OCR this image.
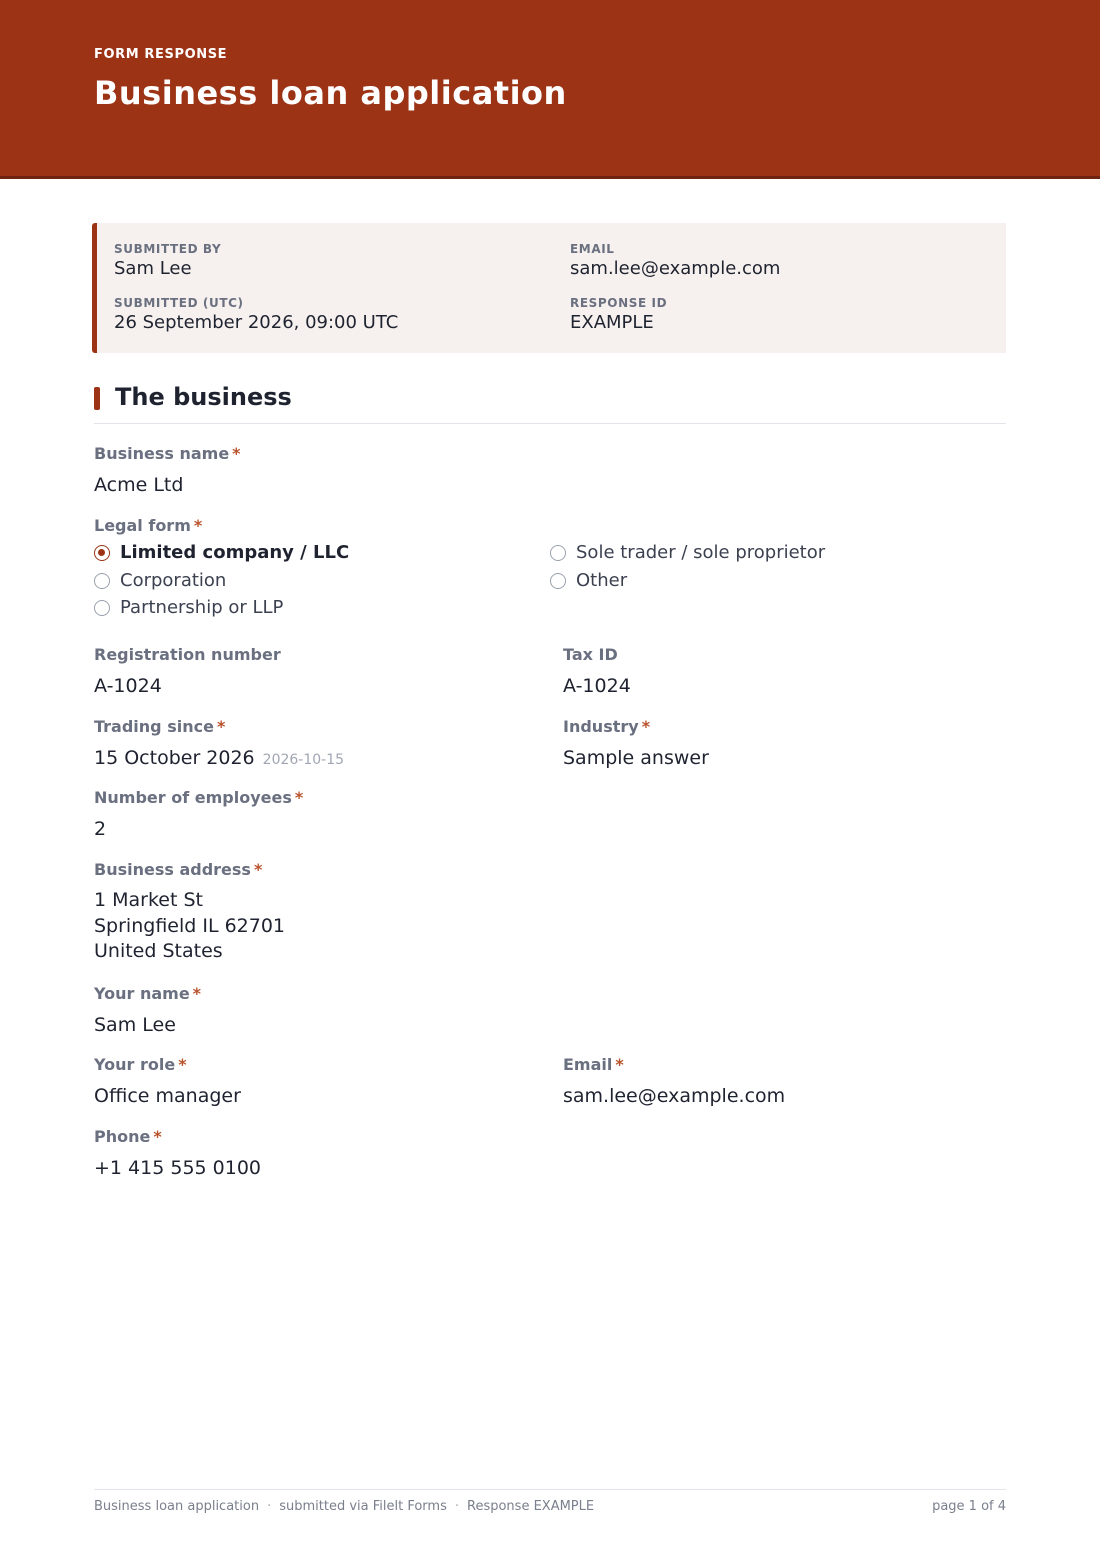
FORM RESPONSE
Business loan application
SUBMITTED BY
Sam Lee
EMAIL
sam.lee@example.com
SUBMITTED (UTC)
26 September 2026, 09:00 UTC
RESPONSE ID
EXAMPLE
The business
Business name *
Acme Ltd
Legal form *
Limited company / LLC
Corporation
Partnership or LLP
Sole trader / sole proprietor
Other
Registration number
A-1024
Tax ID
A-1024
Trading since *
15 October 2026 2026-10-15
Industry *
Sample answer
Number of employees *
2
Business address *
1 Market St
Springfield IL 62701
United States
Your name *
Sam Lee
Your role *
Office manager
Email *
sam.lee@example.com
Phone *
+1 415 555 0100
Business loan application · submitted via Filelt Forms · Response EXAMPLE	page 1 of 4
